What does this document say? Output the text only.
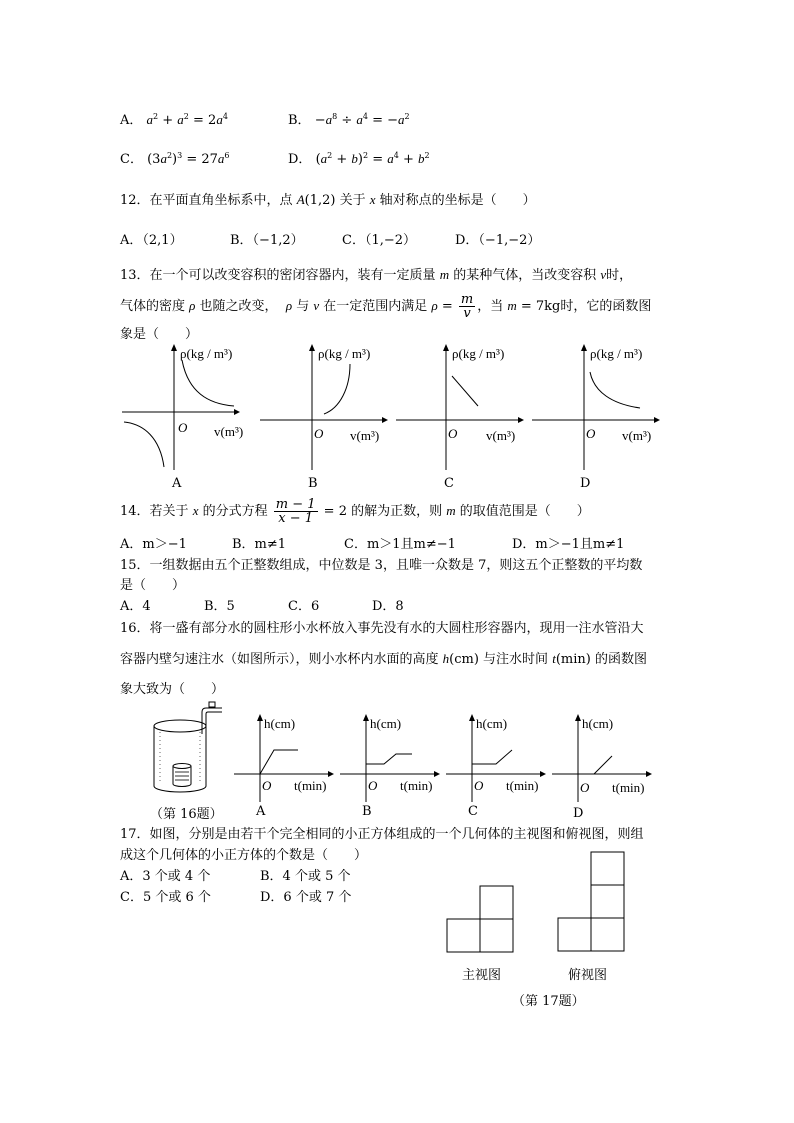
A． $a^2 + a^2 = 2a^4$	B． $-a^8 \div a^4 = -a^2$
C． $(3a^2)^3 = 27a^6$	D． $(a^2 + b)^2 = a^4 + b^2$
12．在平面直角坐标系中，点 A(1,2) 关于 x 轴对称点的坐标是（　　）
A．（2,1）	B．（−1,2）	C．（1,−2）	D．（−1,−2）
13．在一个可以改变容积的密闭容器内，装有一定质量 m 的某种气体，当改变容积 v时，
气体的密度 ρ 也随之改变， ρ 与 v 在一定范围内满足 $\rho = \frac{m}{v}$ ，当 m = 7kg时，它的函数图
象是（　　）
ρ(kg / m³)
O v(m³)
A
ρ(kg / m³)
O v(m³)
B
ρ(kg / m³)
O v(m³)
C
ρ(kg / m³)
O v(m³)
D
14．若关于 x 的分式方程 $\frac{m - 1}{x - 1} = 2$ 的解为正数，则 m 的取值范围是（　　）
A．m＞−1	B．m≠1	C．m＞1且m≠−1	D．m＞−1且m≠1
15．一组数据由五个正整数组成，中位数是 3，且唯一众数是 7，则这五个正整数的平均数
是（　　）
A．4	B．5	C．6	D．8
16．将一盛有部分水的圆柱形小水杯放入事先没有水的大圆柱形容器内，现用一注水管沿大
容器内壁匀速注水（如图所示），则小水杯内水面的高度 h(cm) 与注水时间 t(min) 的函数图
象大致为（　　）
（第 16题）
h(cm)
O t(min)
A
h(cm)
O t(min)
B
h(cm)
O t(min)
C
h(cm)
O t(min)
D
17．如图，分别是由若干个完全相同的小正方体组成的一个几何体的主视图和俯视图，则组
成这个几何体的小正方体的个数是（　　）
A．3 个或 4 个	B．4 个或 5 个
C．5 个或 6 个	D．6 个或 7 个
主视图	俯视图
（第 17题）
